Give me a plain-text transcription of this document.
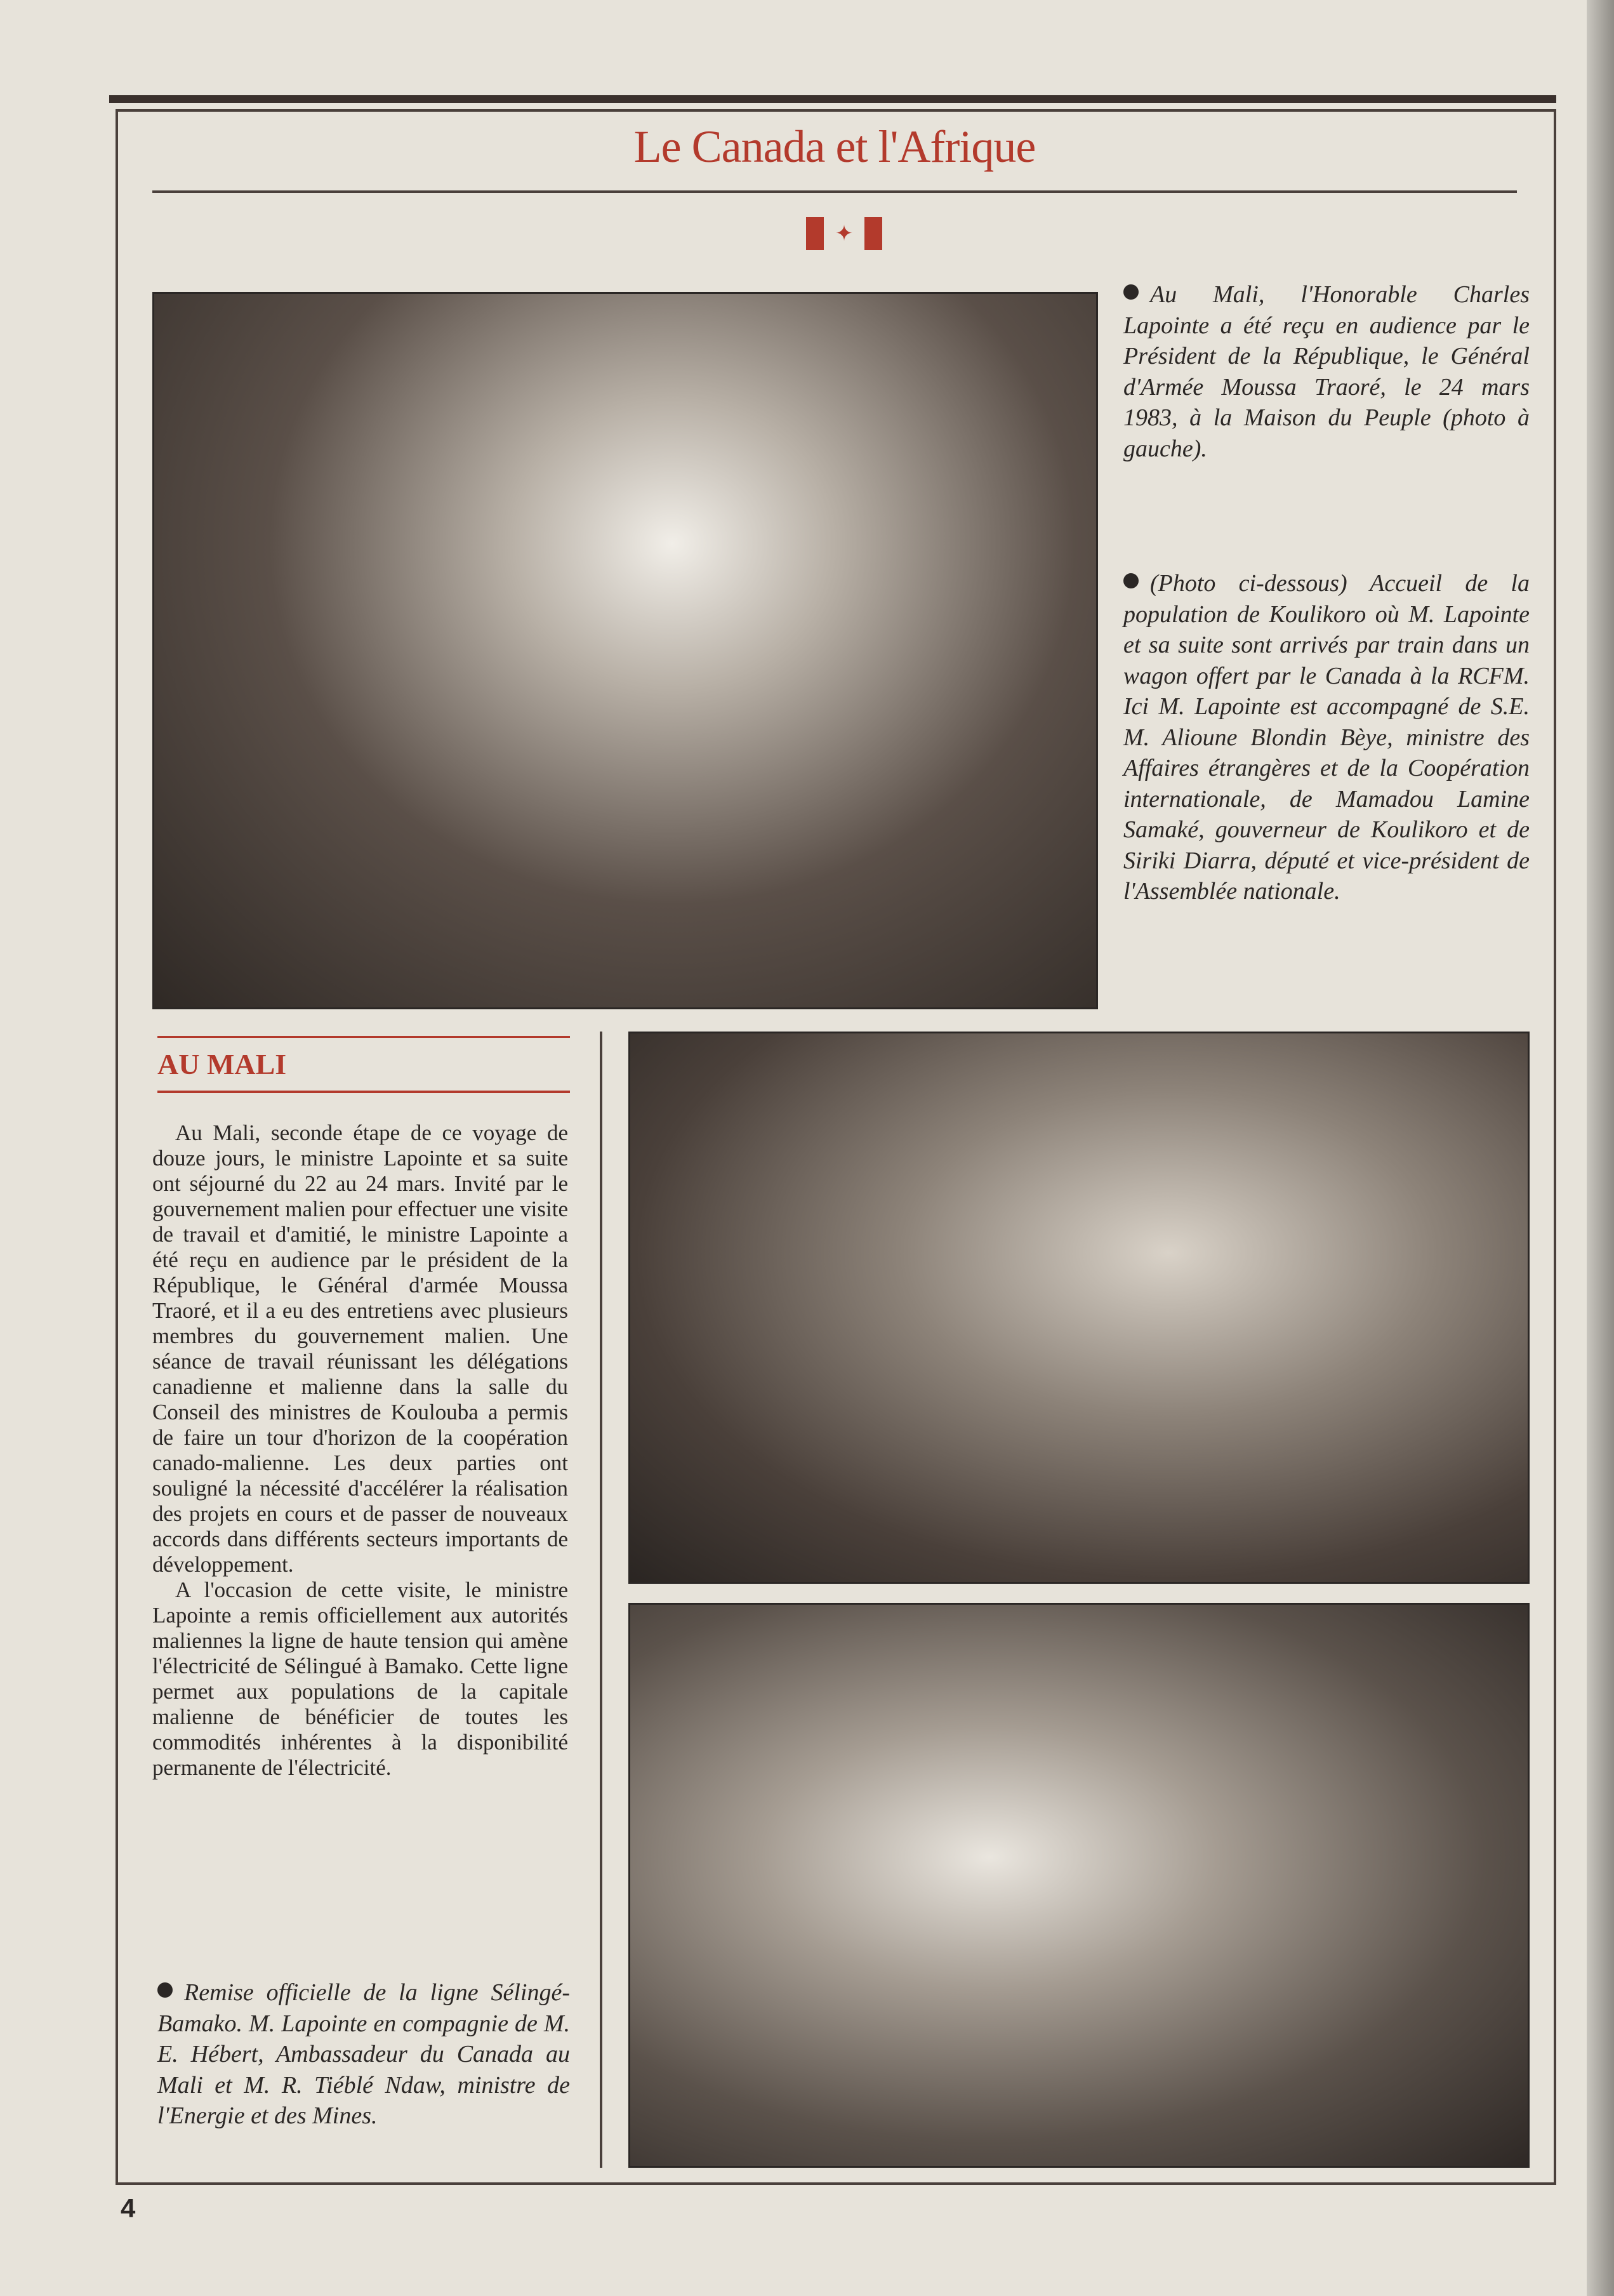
Le Canada et l'Afrique
✦
Au Mali, l'Honorable Charles Lapointe a été reçu en audience par le Président de la République, le Général d'Armée Moussa Traoré, le 24 mars 1983, à la Maison du Peuple (photo à gauche).
(Photo ci-dessous) Accueil de la population de Koulikoro où M. Lapointe et sa suite sont arrivés par train dans un wagon offert par le Canada à la RCFM. Ici M. Lapointe est accompagné de S.E. M. Alioune Blondin Bèye, ministre des Affaires étrangères et de la Coopération internationale, de Mamadou Lamine Samaké, gouverneur de Koulikoro et de Siriki Diarra, député et vice-président de l'Assemblée nationale.
AU MALI

Au Mali, seconde étape de ce voyage de douze jours, le ministre Lapointe et sa suite ont séjourné du 22 au 24 mars. Invité par le gouvernement malien pour effectuer une visite de travail et d'amitié, le ministre Lapointe a été reçu en audience par le président de la République, le Général d'armée Moussa Traoré, et il a eu des entretiens avec plusieurs membres du gouvernement malien. Une séance de travail réunissant les délégations canadienne et malienne dans la salle du Conseil des ministres de Koulouba a permis de faire un tour d'horizon de la coopération canado-malienne. Les deux parties ont souligné la nécessité d'accélérer la réalisation des projets en cours et de passer de nouveaux accords dans différents secteurs importants de développement.

A l'occasion de cette visite, le ministre Lapointe a remis officiellement aux autorités maliennes la ligne de haute tension qui amène l'électricité de Sélingué à Bamako. Cette ligne permet aux populations de la capitale malienne de bénéficier de toutes les commodités inhérentes à la disponibilité permanente de l'électricité.

Remise officielle de la ligne Sélingé-Bamako. M. Lapointe en compagnie de M. E. Hébert, Ambassadeur du Canada au Mali et M. R. Tiéblé Ndaw, ministre de l'Energie et des Mines.
4
